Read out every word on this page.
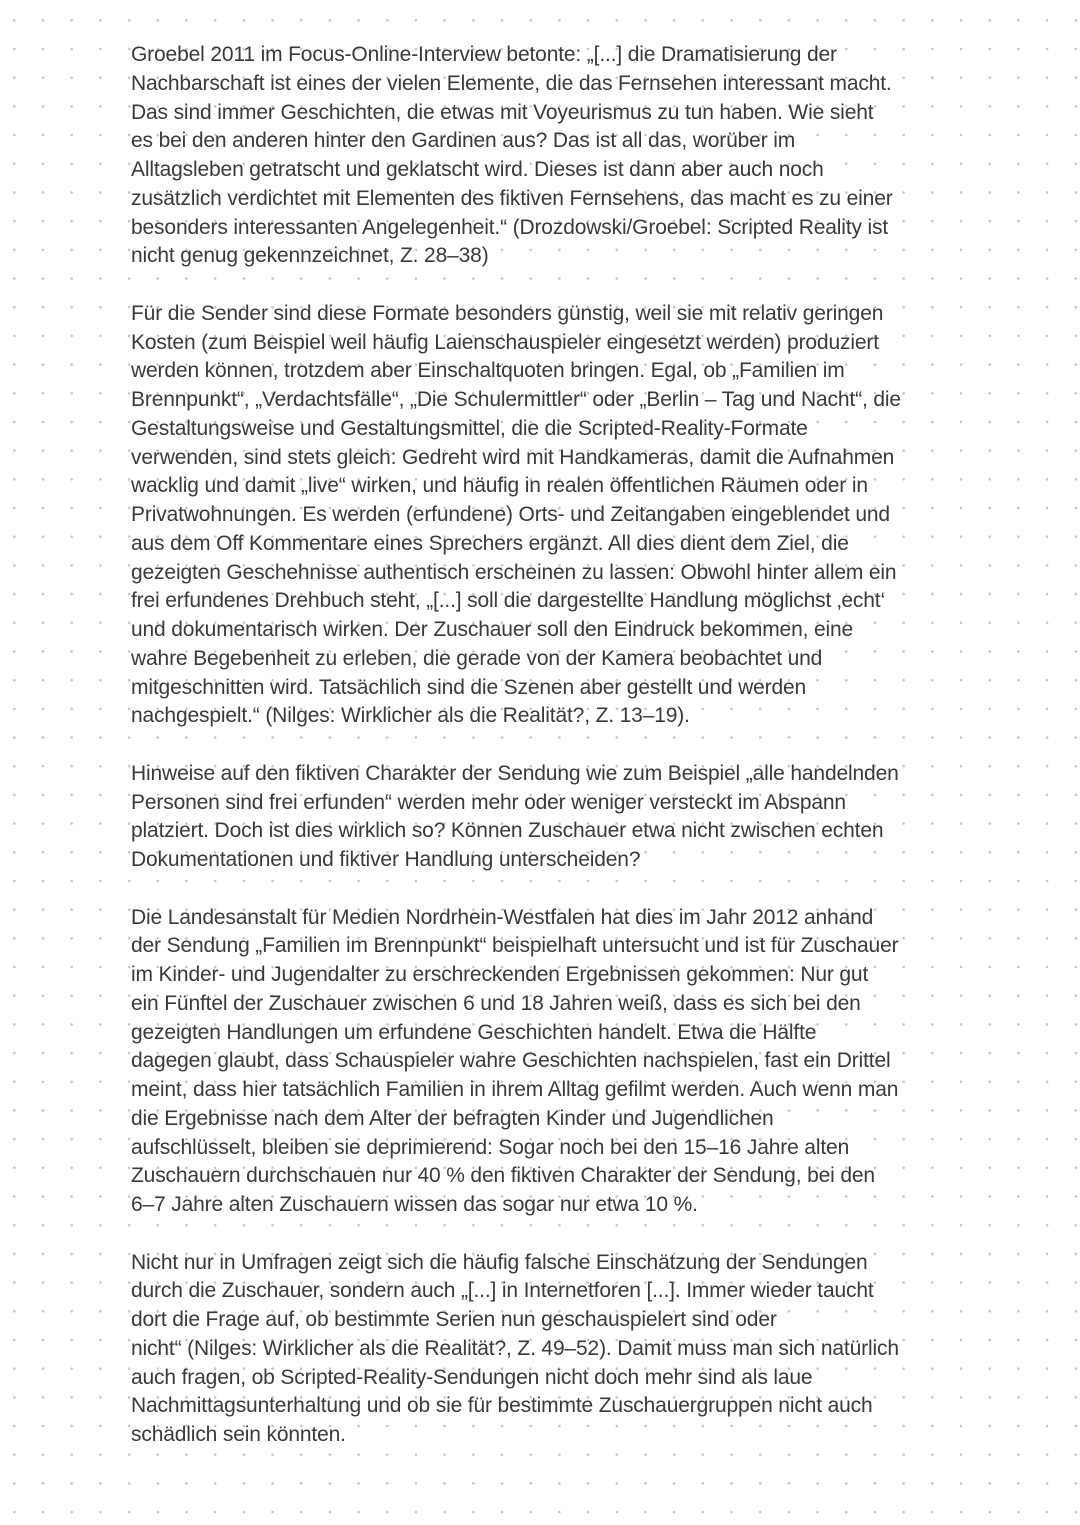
Groebel 2011 im Focus-Online-Interview betonte: „[...] die Dramatisierung der
Nachbarschaft ist eines der vielen Elemente, die das Fernsehen interessant macht.
Das sind immer Geschichten, die etwas mit Voyeurismus zu tun haben. Wie sieht
es bei den anderen hinter den Gardinen aus? Das ist all das, worüber im
Alltagsleben getratscht und geklatscht wird. Dieses ist dann aber auch noch
zusätzlich verdichtet mit Elementen des fiktiven Fernsehens, das macht es zu einer
besonders interessanten Angelegenheit.“ (Drozdowski/Groebel: Scripted Reality ist
nicht genug gekennzeichnet, Z. 28–38)

Für die Sender sind diese Formate besonders günstig, weil sie mit relativ geringen
Kosten (zum Beispiel weil häufig Laienschauspieler eingesetzt werden) produziert
werden können, trotzdem aber Einschaltquoten bringen. Egal, ob „Familien im
Brennpunkt“, „Verdachtsfälle“, „Die Schulermittler“ oder „Berlin – Tag und Nacht“, die
Gestaltungsweise und Gestaltungsmittel, die die Scripted-Reality-Formate
verwenden, sind stets gleich: Gedreht wird mit Handkameras, damit die Aufnahmen
wacklig und damit „live“ wirken, und häufig in realen öffentlichen Räumen oder in
Privatwohnungen. Es werden (erfundene) Orts- und Zeitangaben eingeblendet und
aus dem Off Kommentare eines Sprechers ergänzt. All dies dient dem Ziel, die
gezeigten Geschehnisse authentisch erscheinen zu lassen: Obwohl hinter allem ein
frei erfundenes Drehbuch steht, „[...] soll die dargestellte Handlung möglichst ‚echt‘
und dokumentarisch wirken. Der Zuschauer soll den Eindruck bekommen, eine
wahre Begebenheit zu erleben, die gerade von der Kamera beobachtet und
mitgeschnitten wird. Tatsächlich sind die Szenen aber gestellt und werden
nachgespielt.“ (Nilges: Wirklicher als die Realität?, Z. 13–19).

Hinweise auf den fiktiven Charakter der Sendung wie zum Beispiel „alle handelnden
Personen sind frei erfunden“ werden mehr oder weniger versteckt im Abspann
platziert. Doch ist dies wirklich so? Können Zuschauer etwa nicht zwischen echten
Dokumentationen und fiktiver Handlung unterscheiden?

Die Landesanstalt für Medien Nordrhein-Westfalen hat dies im Jahr 2012 anhand
der Sendung „Familien im Brennpunkt“ beispielhaft untersucht und ist für Zuschauer
im Kinder- und Jugendalter zu erschreckenden Ergebnissen gekommen: Nur gut
ein Fünftel der Zuschauer zwischen 6 und 18 Jahren weiß, dass es sich bei den
gezeigten Handlungen um erfundene Geschichten handelt. Etwa die Hälfte
dagegen glaubt, dass Schauspieler wahre Geschichten nachspielen, fast ein Drittel
meint, dass hier tatsächlich Familien in ihrem Alltag gefilmt werden. Auch wenn man
die Ergebnisse nach dem Alter der befragten Kinder und Jugendlichen
aufschlüsselt, bleiben sie deprimierend: Sogar noch bei den 15–16 Jahre alten
Zuschauern durchschauen nur 40 % den fiktiven Charakter der Sendung, bei den
6–7 Jahre alten Zuschauern wissen das sogar nur etwa 10 %.

Nicht nur in Umfragen zeigt sich die häufig falsche Einschätzung der Sendungen
durch die Zuschauer, sondern auch „[...] in Internetforen [...]. Immer wieder taucht
dort die Frage auf, ob bestimmte Serien nun geschauspielert sind oder
nicht“ (Nilges: Wirklicher als die Realität?, Z. 49–52). Damit muss man sich natürlich
auch fragen, ob Scripted-Reality-Sendungen nicht doch mehr sind als laue
Nachmittagsunterhaltung und ob sie für bestimmte Zuschauergruppen nicht auch
schädlich sein könnten.
